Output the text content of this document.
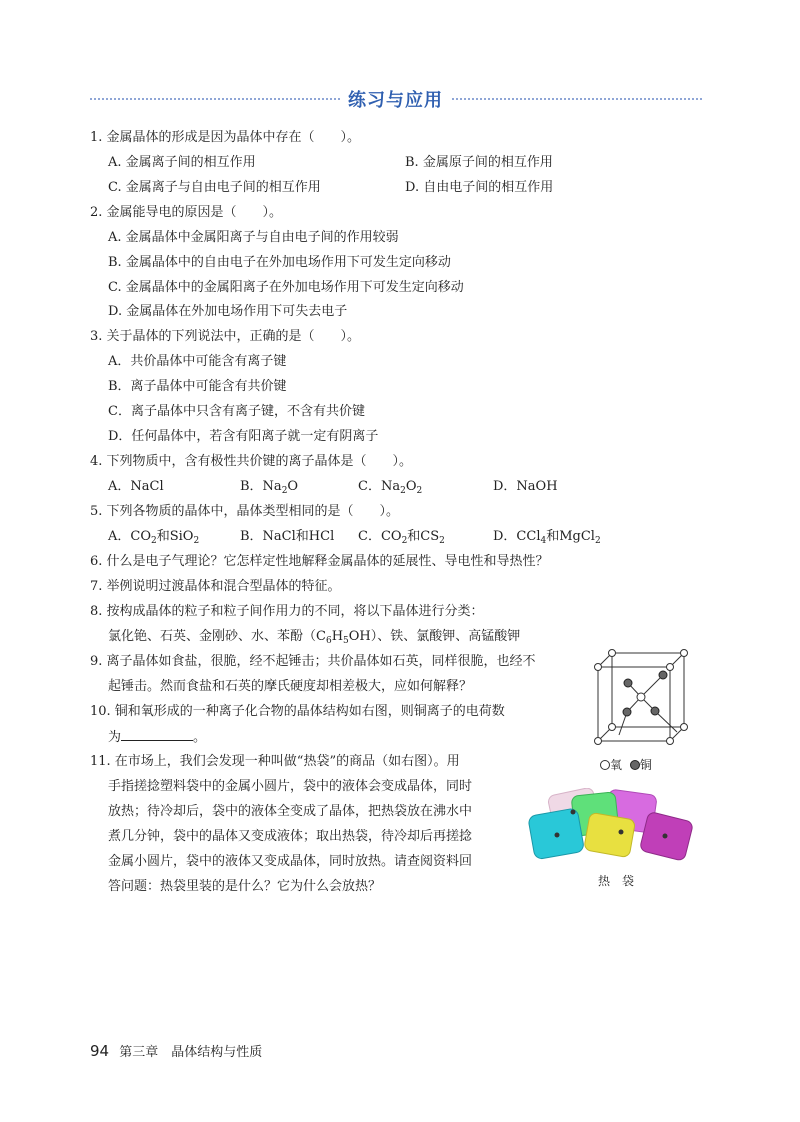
练习与应用
1. 金属晶体的形成是因为晶体中存在（　　）。
A. 金属离子间的相互作用	B. 金属原子间的相互作用
C. 金属离子与自由电子间的相互作用	D. 自由电子间的相互作用
2. 金属能导电的原因是（　　）。
A. 金属晶体中金属阳离子与自由电子间的作用较弱
B. 金属晶体中的自由电子在外加电场作用下可发生定向移动
C. 金属晶体中的金属阳离子在外加电场作用下可发生定向移动
D. 金属晶体在外加电场作用下可失去电子
3. 关于晶体的下列说法中，正确的是（　　）。
A．共价晶体中可能含有离子键
B．离子晶体中可能含有共价键
C．离子晶体中只含有离子键，不含有共价键
D．任何晶体中，若含有阳离子就一定有阴离子
4. 下列物质中，含有极性共价键的离子晶体是（　　）。
A．NaCl	B．$Na_2O$	C．$Na_2O_2$	D．NaOH
5. 下列各物质的晶体中，晶体类型相同的是（　　）。
A．$CO_2$和SiO$_2$	B．NaCl和HCl C．$CO_2$和$CS_2$	D．CCl$_4$和MgCl$_2$
6. 什么是电子气理论？它怎样定性地解释金属晶体的延展性、导电性和导热性？
7. 举例说明过渡晶体和混合型晶体的特征。
8. 按构成晶体的粒子和粒子间作用力的不同，将以下晶体进行分类：
氯化铯、石英、金刚砂、水、苯酚$(C_6H_5OH)$、铁、氯酸钾、高锰酸钾
9. 离子晶体如食盐，很脆，经不起锤击；共价晶体如石英，同样很脆，也经不
起锤击。然而食盐和石英的摩氏硬度却相差极大，应如何解释？
10. 铜和氧形成的一种离子化合物的晶体结构如右图，则铜离子的电荷数
为	。
11. 在市场上，我们会发现一种叫做“热袋”的商品（如右图）。用
手指搓捻塑料袋中的金属小圆片，袋中的液体会变成晶体，同时
放热；待冷却后，袋中的液体全变成了晶体，把热袋放在沸水中
煮几分钟，袋中的晶体又变成液体；取出热袋，待冷却后再搓捻
金属小圆片，袋中的液体又变成晶体，同时放热。请查阅资料回
答问题：热袋里装的是什么？它为什么会放热？
氧 铜
热　袋
94 第三章　晶体结构与性质
